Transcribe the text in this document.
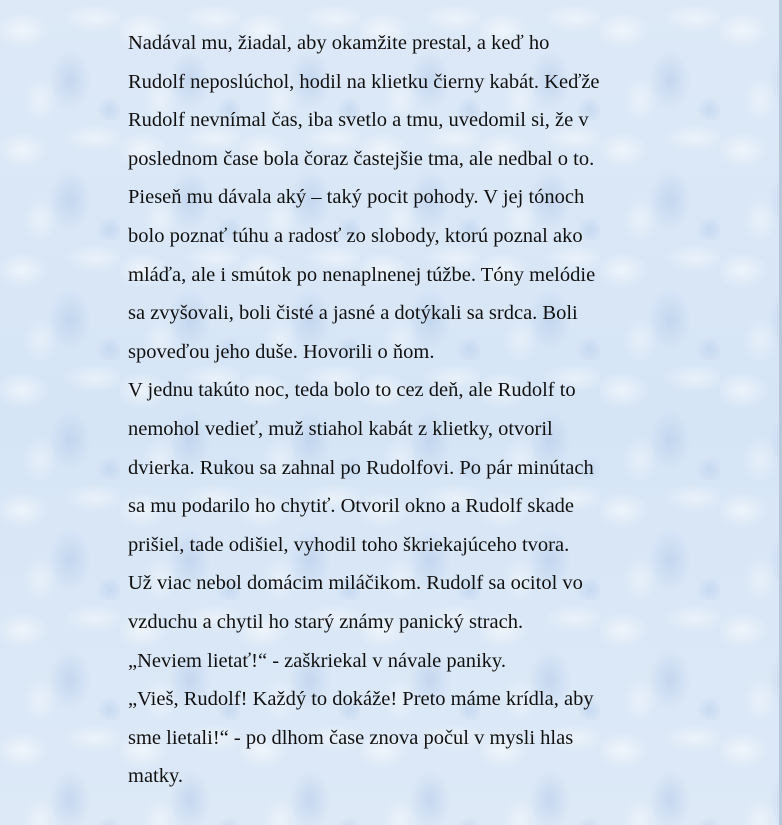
Nadával mu, žiadal, aby okamžite prestal, a keď ho
Rudolf neposlúchol, hodil na klietku čierny kabát. Keďže
Rudolf nevnímal čas, iba svetlo a tmu, uvedomil si, že v
poslednom čase bola čoraz častejšie tma, ale nedbal o to.
Pieseň mu dávala aký – taký pocit pohody. V jej tónoch
bolo poznať túhu a radosť zo slobody, ktorú poznal ako
mláďa, ale i smútok po nenaplnenej túžbe. Tóny melódie
sa zvyšovali, boli čisté a jasné a dotýkali sa srdca. Boli
spoveďou jeho duše. Hovorili o ňom.
V jednu takúto noc, teda bolo to cez deň, ale Rudolf to
nemohol vedieť, muž stiahol kabát z klietky, otvoril
dvierka. Rukou sa zahnal po Rudolfovi. Po pár minútach
sa mu podarilo ho chytiť. Otvoril okno a Rudolf skade
prišiel, tade odišiel, vyhodil toho škriekajúceho tvora.
Už viac nebol domácim miláčikom. Rudolf sa ocitol vo
vzduchu a chytil ho starý známy panický strach.
„Neviem lietať!“ - zaškriekal v návale paniky.
„Vieš, Rudolf! Každý to dokáže! Preto máme krídla, aby
sme lietali!“ - po dlhom čase znova počul v mysli hlas
matky.
